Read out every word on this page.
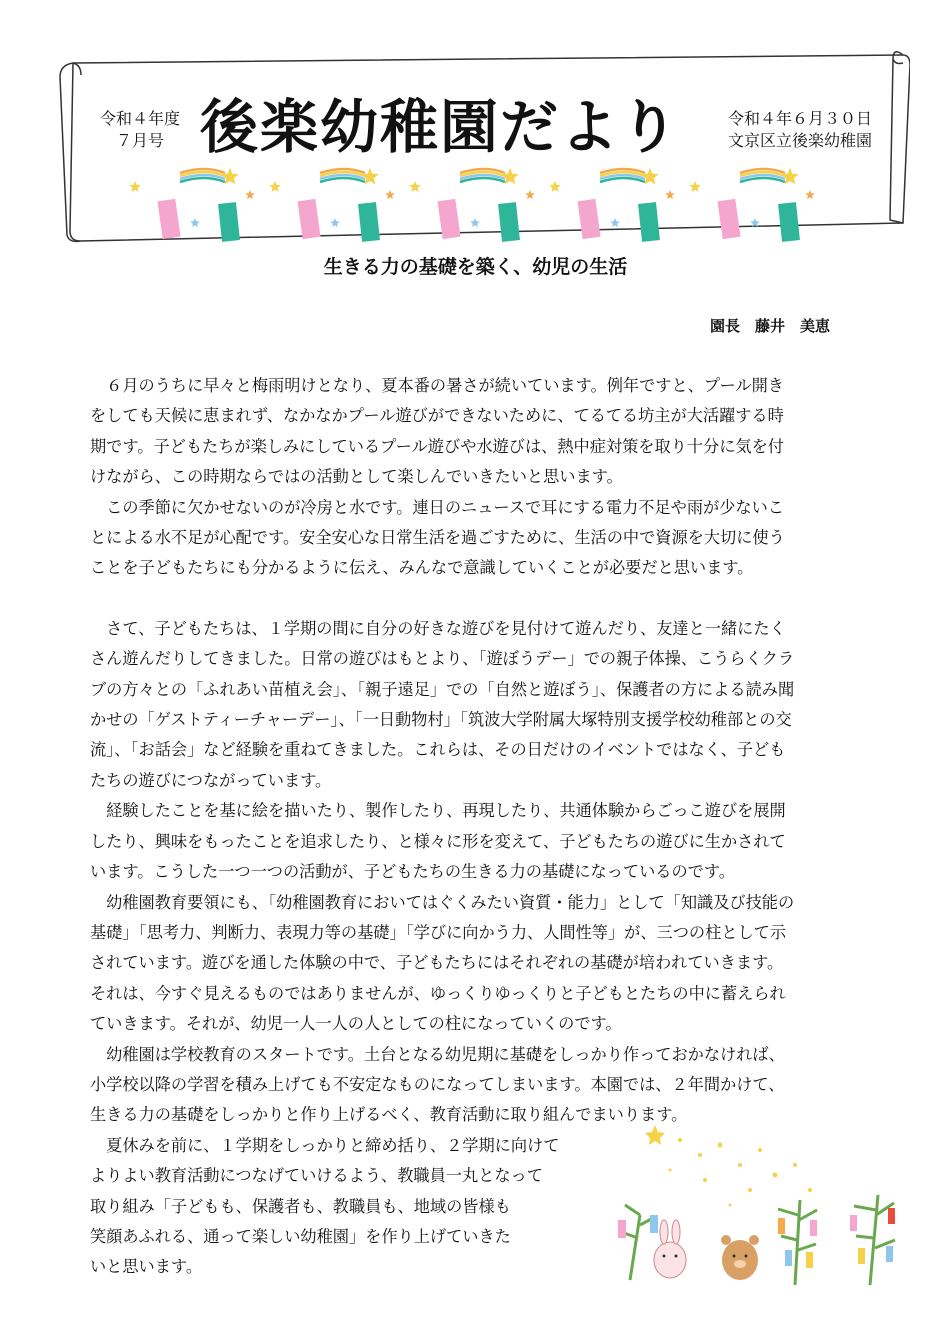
令和４年度
７月号 後楽幼稚園だより	令和４年６月３０日
文京区立後楽幼稚園
生きる力の基礎を築く、幼児の生活
園長　藤井　美恵

　６月のうちに早々と梅雨明けとなり、夏本番の暑さが続いています。例年ですと、プール開き

をしても天候に恵まれず、なかなかプール遊びができないために、てるてる坊主が大活躍する時

期です。子どもたちが楽しみにしているプール遊びや水遊びは、熱中症対策を取り十分に気を付

けながら、この時期ならではの活動として楽しんでいきたいと思います。

　この季節に欠かせないのが冷房と水です。連日のニュースで耳にする電力不足や雨が少ないこ

とによる水不足が心配です。安全安心な日常生活を過ごすために、生活の中で資源を大切に使う

ことを子どもたちにも分かるように伝え、みんなで意識していくことが必要だと思います。

　さて、子どもたちは、１学期の間に自分の好きな遊びを見付けて遊んだり、友達と一緒にたく

さん遊んだりしてきました。日常の遊びはもとより、「遊ぼうデー」での親子体操、こうらくクラ

ブの方々との「ふれあい苗植え会」、「親子遠足」での「自然と遊ぼう」、保護者の方による読み聞

かせの「ゲストティーチャーデー」、「一日動物村」「筑波大学附属大塚特別支援学校幼稚部との交

流」、「お話会」など経験を重ねてきました。これらは、その日だけのイベントではなく、子ども

たちの遊びにつながっています。

　経験したことを基に絵を描いたり、製作したり、再現したり、共通体験からごっこ遊びを展開

したり、興味をもったことを追求したり、と様々に形を変えて、子どもたちの遊びに生かされて

います。こうした一つ一つの活動が、子どもたちの生きる力の基礎になっているのです。

　幼稚園教育要領にも、「幼稚園教育においてはぐくみたい資質・能力」として「知識及び技能の

基礎」「思考力、判断力、表現力等の基礎」「学びに向かう力、人間性等」が、三つの柱として示

されています。遊びを通した体験の中で、子どもたちにはそれぞれの基礎が培われていきます。

それは、今すぐ見えるものではありませんが、ゆっくりゆっくりと子どもとたちの中に蓄えられ

ていきます。それが、幼児一人一人の人としての柱になっていくのです。

　幼稚園は学校教育のスタートです。土台となる幼児期に基礎をしっかり作っておかなければ、

小学校以降の学習を積み上げても不安定なものになってしまいます。本園では、２年間かけて、

生きる力の基礎をしっかりと作り上げるべく、教育活動に取り組んでまいります。

　夏休みを前に、１学期をしっかりと締め括り、２学期に向けて

よりよい教育活動につなげていけるよう、教職員一丸となって

取り組み「子どもも、保護者も、教職員も、地域の皆様も

笑顔あふれる、通って楽しい幼稚園」を作り上げていきた

いと思います。
